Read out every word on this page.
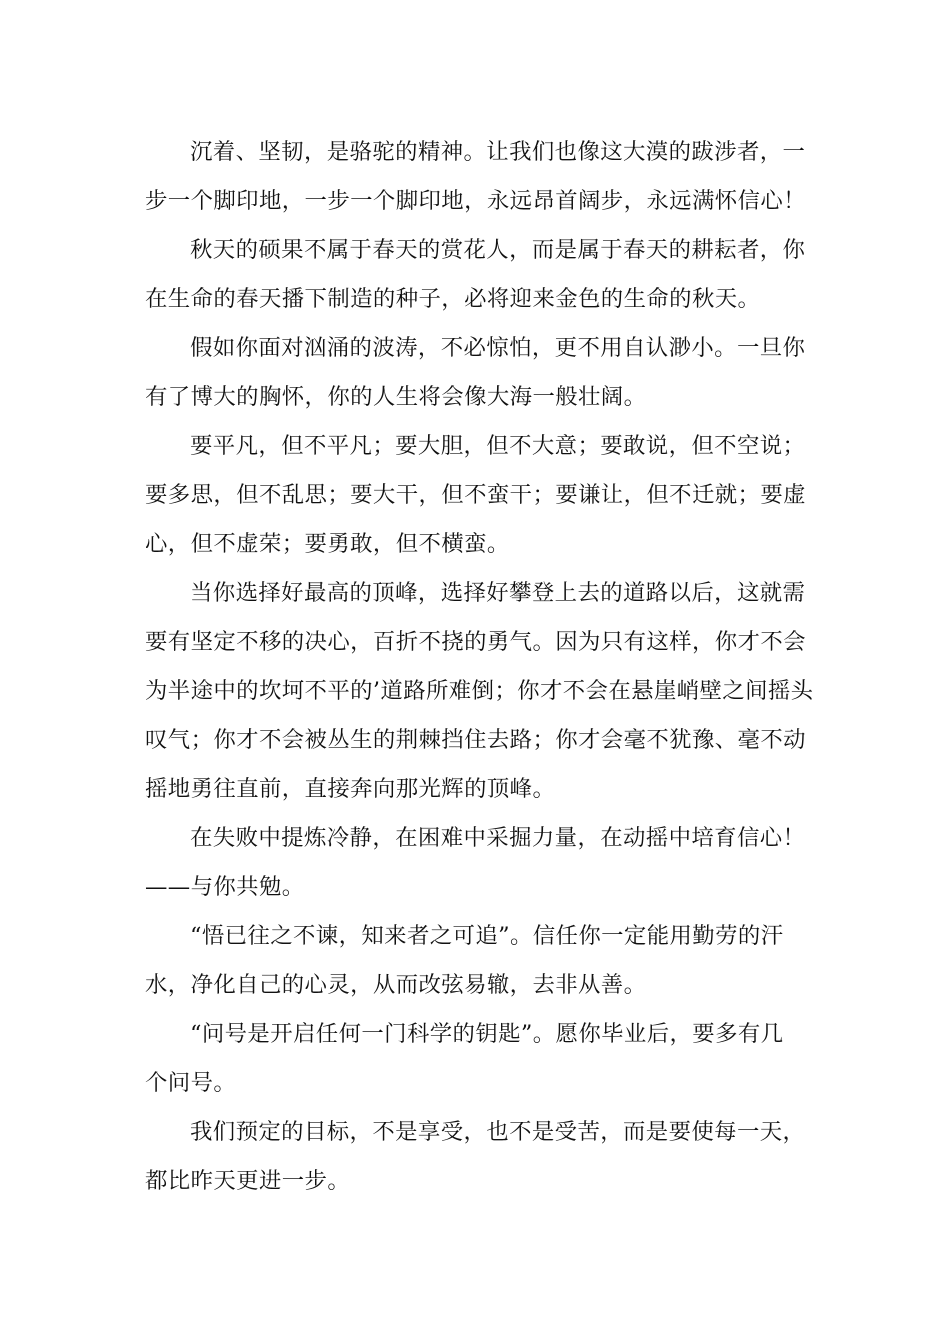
沉着、坚韧，是骆驼的精神。让我们也像这大漠的跋涉者，一
步一个脚印地，一步一个脚印地，永远昂首阔步，永远满怀信心！
秋天的硕果不属于春天的赏花人，而是属于春天的耕耘者，你
在生命的春天播下制造的种子，必将迎来金色的生命的秋天。
假如你面对汹涌的波涛，不必惊怕，更不用自认渺小。一旦你
有了博大的胸怀，你的人生将会像大海一般壮阔。
要平凡，但不平凡；要大胆，但不大意；要敢说，但不空说；
要多思，但不乱思；要大干，但不蛮干；要谦让，但不迁就；要虚
心，但不虚荣；要勇敢，但不横蛮。
当你选择好最高的顶峰，选择好攀登上去的道路以后，这就需
要有坚定不移的决心，百折不挠的勇气。因为只有这样，你才不会
为半途中的坎坷不平的’道路所难倒；你才不会在悬崖峭壁之间摇头
叹气；你才不会被丛生的荆棘挡住去路；你才会毫不犹豫、毫不动
摇地勇往直前，直接奔向那光辉的顶峰。
在失败中提炼冷静，在困难中采掘力量，在动摇中培育信心！
——与你共勉。
“悟已往之不谏，知来者之可追”。信任你一定能用勤劳的汗
水，净化自己的心灵，从而改弦易辙，去非从善。
“问号是开启任何一门科学的钥匙”。愿你毕业后，要多有几
个问号。
我们预定的目标，不是享受，也不是受苦，而是要使每一天，
都比昨天更进一步。
